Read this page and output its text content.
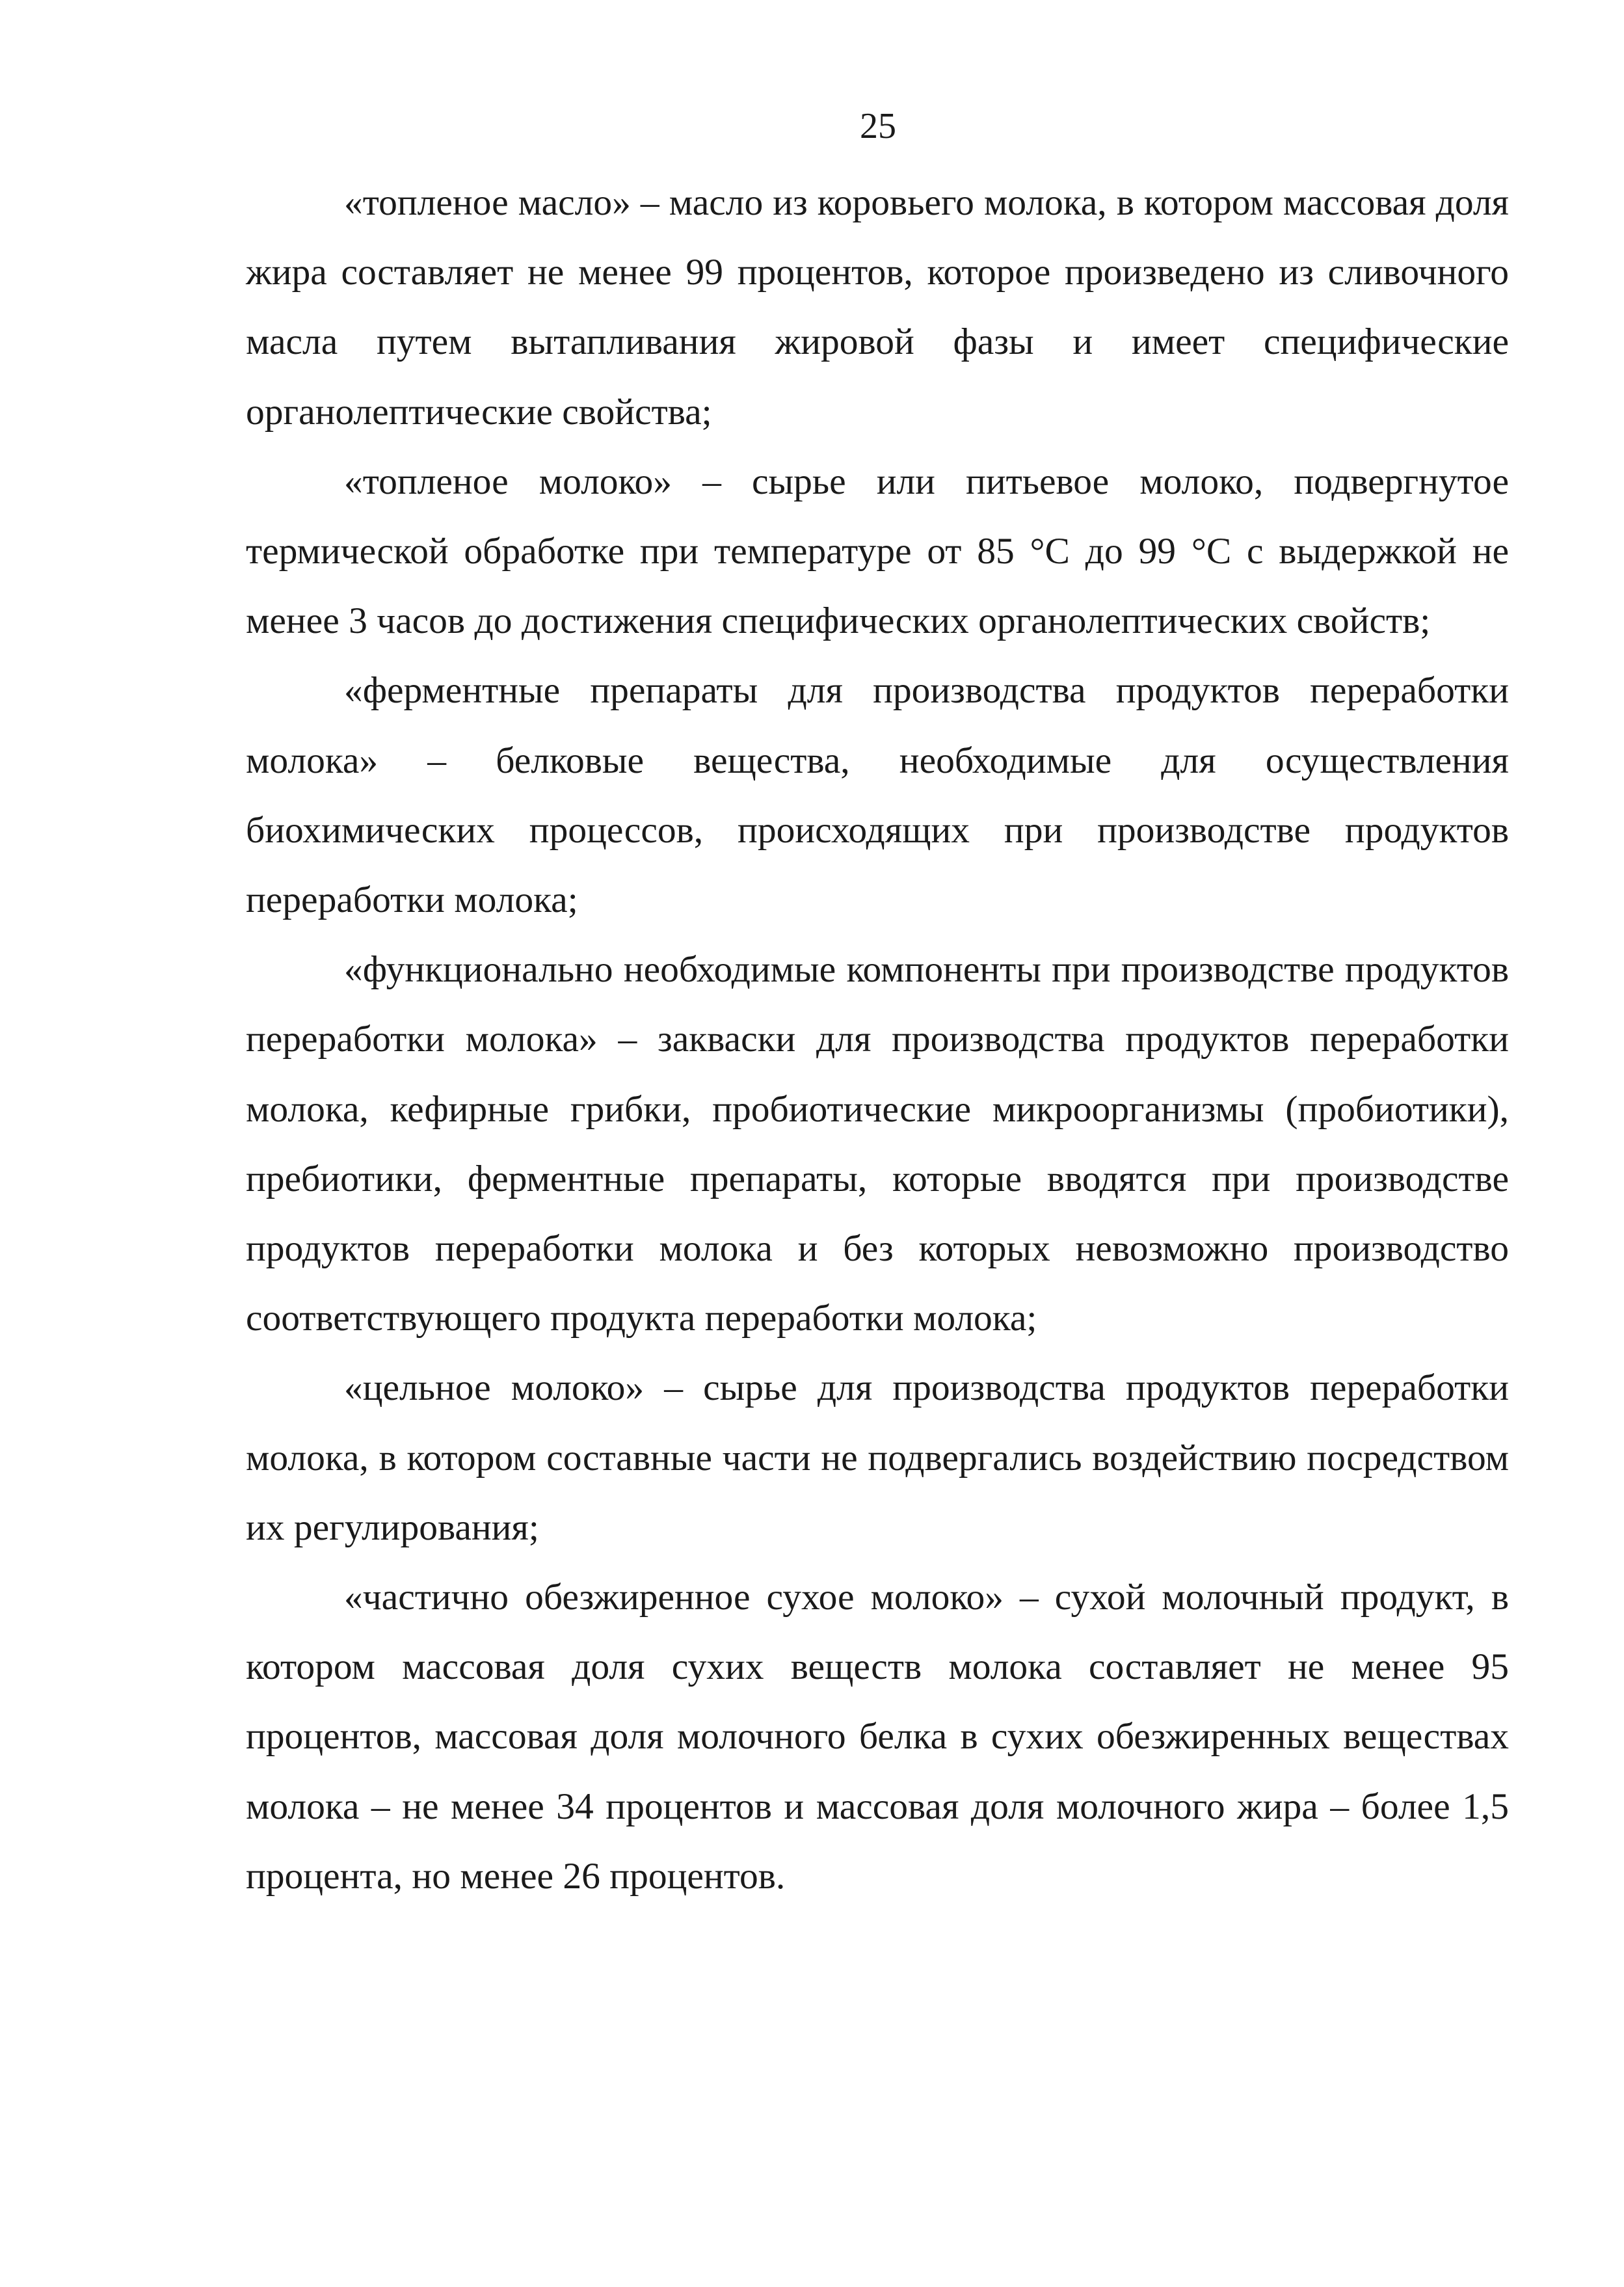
25

«топленое масло» – масло из коровьего молока, в котором массовая доля жира составляет не менее 99 процентов, которое произведено из сливочного масла путем вытапливания жировой фазы и имеет специфические органолептические свойства;

«топленое молоко» – сырье или питьевое молоко, подвергнутое термической обработке при температуре от 85 °С до 99 °С с выдержкой не менее 3 часов до достижения специфических органолептических свойств;

«ферментные препараты для производства продуктов переработки молока» – белковые вещества, необходимые для осуществления биохимических процессов, происходящих при производстве продуктов переработки молока;

«функционально необходимые компоненты при производстве продуктов переработки молока» – закваски для производства продуктов переработки молока, кефирные грибки, пробиотические микроорганизмы (пробиотики), пребиотики, ферментные препараты, которые вводятся при производстве продуктов переработки молока и без которых невозможно производство соответствующего продукта переработки молока;

«цельное молоко» – сырье для производства продуктов переработки молока, в котором составные части не подвергались воздействию посредством их регулирования;

«частично обезжиренное сухое молоко» – сухой молочный продукт, в котором массовая доля сухих веществ молока составляет не менее 95 процентов, массовая доля молочного белка в сухих обезжиренных веществах молока – не менее 34 процентов и массовая доля молочного жира – более 1,5 процента, но менее 26 процентов.
